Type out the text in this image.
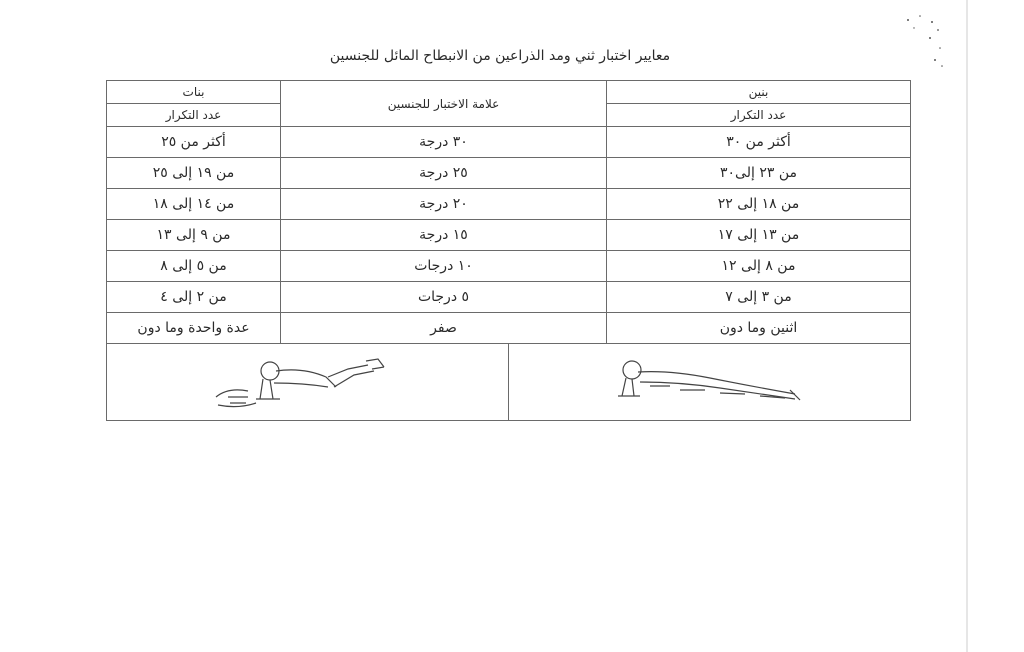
معايير اختبار ثني ومد الذراعين من الانبطاح المائل للجنسين
بنين	علامة الاختبار للجنسين	بنات
عدد التكرار		عدد التكرار
أكثر من ٣٠	٣٠ درجة	أكثر من ٢٥
من ٢٣ إلى٣٠	٢٥ درجة	من ١٩ إلى ٢٥
من ١٨ إلى ٢٢	٢٠ درجة	من ١٤ إلى ١٨
من ١٣ إلى ١٧	١٥ درجة	من ٩ إلى ١٣
من ٨ إلى ١٢	١٠ درجات	من ٥ إلى ٨
من ٣ إلى ٧	٥ درجات	من ٢ إلى ٤
اثنين وما دون	صفر	عدة واحدة وما دون
